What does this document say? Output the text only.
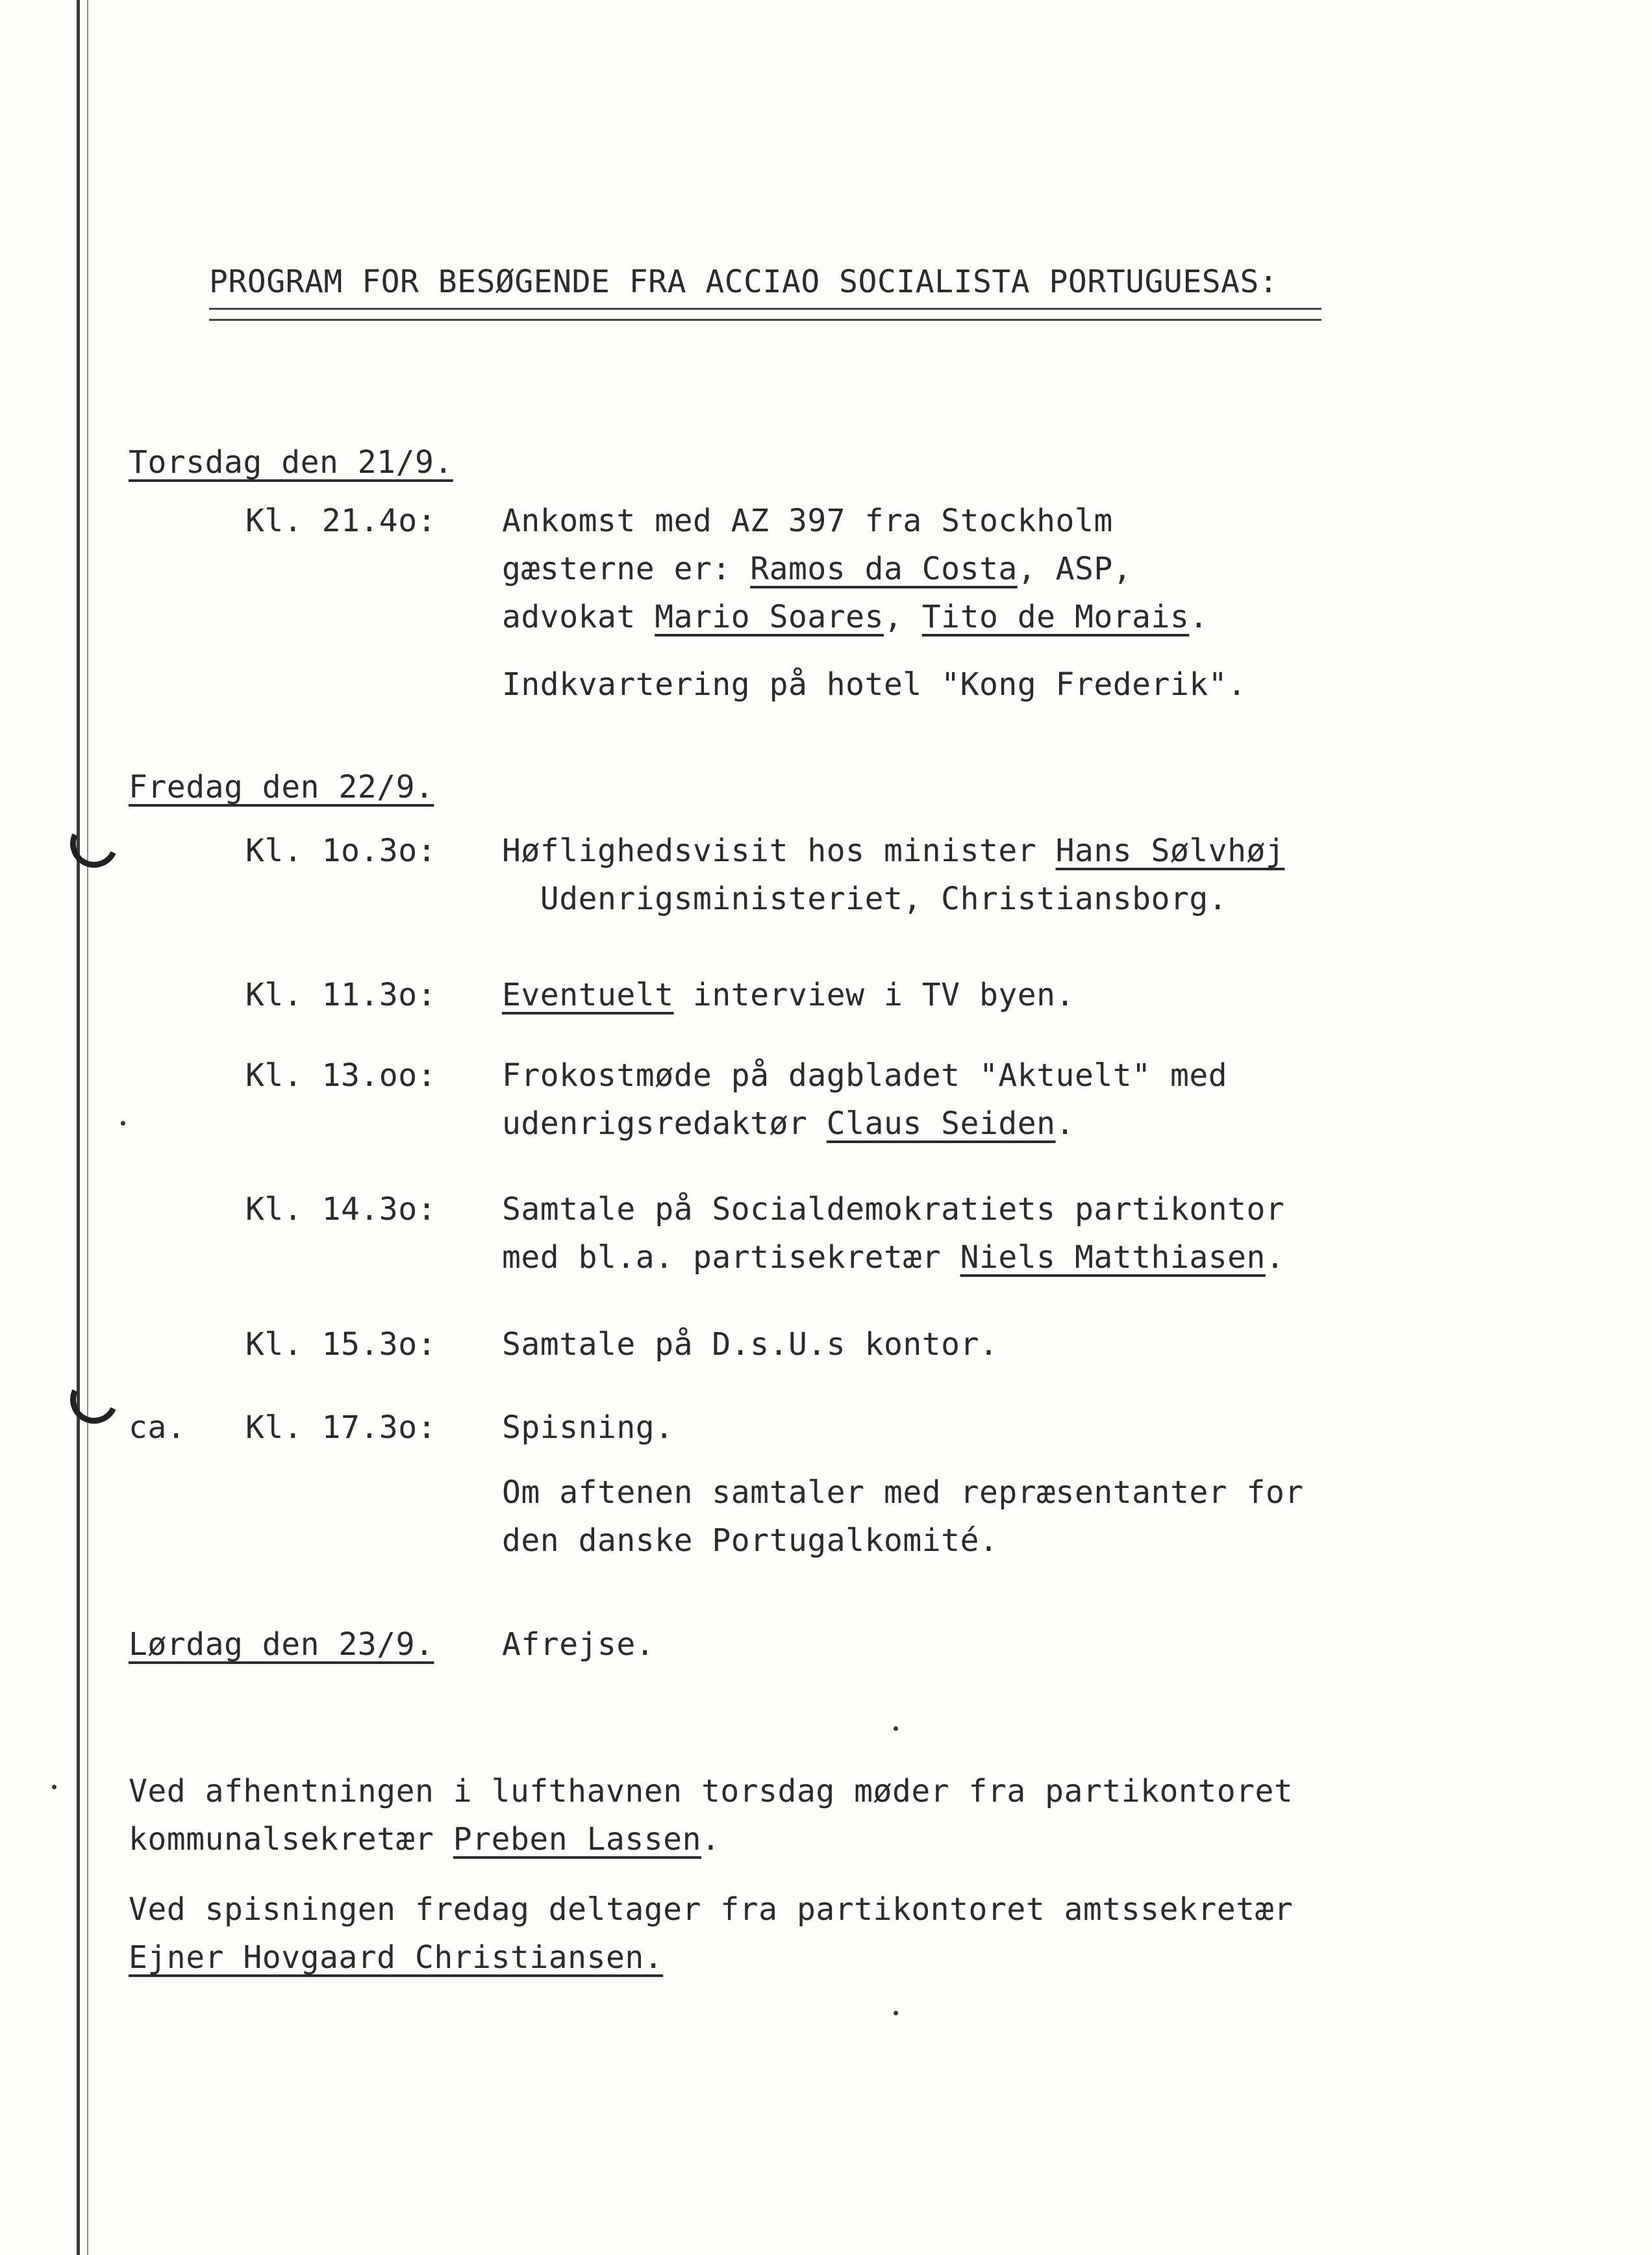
PROGRAM FOR BESØGENDE FRA ACCIAO SOCIALISTA PORTUGUESAS:
Torsdag den 21/9.
Kl. 21.4o: Ankomst med AZ 397 fra Stockholm
gæsterne er: Ramos da Costa, ASP,
advokat Mario Soares, Tito de Morais.
Indkvartering på hotel "Kong Frederik".
Fredag den 22/9.
Kl. 1o.3o: Høflighedsvisit hos minister Hans Sølvhøj
Udenrigsministeriet, Christiansborg.
Kl. 11.3o: Eventuelt interview i TV byen.
Kl. 13.oo: Frokostmøde på dagbladet "Aktuelt" med
udenrigsredaktør Claus Seiden.
Kl. 14.3o: Samtale på Socialdemokratiets partikontor
med bl.a. partisekretær Niels Matthiasen.
Kl. 15.3o: Samtale på D.s.U.s kontor.
ca. Kl. 17.3o: Spisning.
Om aftenen samtaler med repræsentanter for
den danske Portugalkomité.
Lørdag den 23/9. Afrejse.
Ved afhentningen i lufthavnen torsdag møder fra partikontoret
kommunalsekretær Preben Lassen.
Ved spisningen fredag deltager fra partikontoret amtssekretær
Ejner Hovgaard Christiansen.
